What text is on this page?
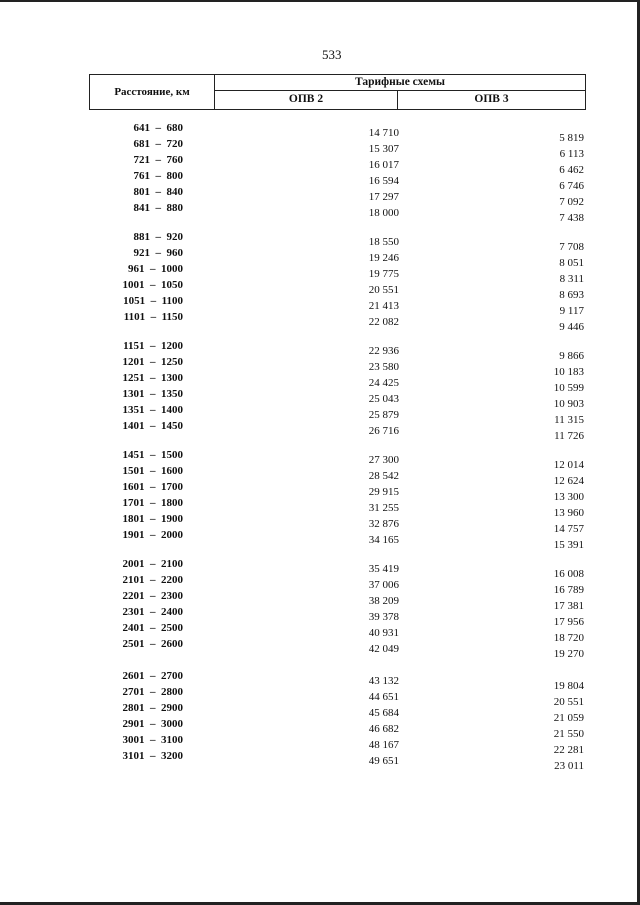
533
Расстояние, км
Тарифные схемы
ОПВ 2	ОПВ 3
641  –  680	14 710	5 819
681  –  720	15 307	6 113
721  –  760	16 017	6 462
761  –  800	16 594	6 746
801  –  840	17 297	7 092
841  –  880	18 000	7 438
881  –  920	18 550	7 708
921  –  960	19 246	8 051
961  –  1000	19 775	8 311
1001  –  1050	20 551	8 693
1051  –  1100	21 413	9 117
1101  –  1150	22 082	9 446
1151  –  1200	22 936	9 866
1201  –  1250	23 580	10 183
1251  –  1300	24 425	10 599
1301  –  1350	25 043	10 903
1351  –  1400	25 879	11 315
1401  –  1450	26 716	11 726
1451  –  1500	27 300	12 014
1501  –  1600	28 542	12 624
1601  –  1700	29 915	13 300
1701  –  1800	31 255	13 960
1801  –  1900	32 876	14 757
1901  –  2000	34 165	15 391
2001  –  2100	35 419	16 008
2101  –  2200	37 006	16 789
2201  –  2300	38 209	17 381
2301  –  2400	39 378	17 956
2401  –  2500	40 931	18 720
2501  –  2600	42 049	19 270
2601  –  2700	43 132	19 804
2701  –  2800	44 651	20 551
2801  –  2900	45 684	21 059
2901  –  3000	46 682	21 550
3001  –  3100	48 167	22 281
3101  –  3200	49 651	23 011
